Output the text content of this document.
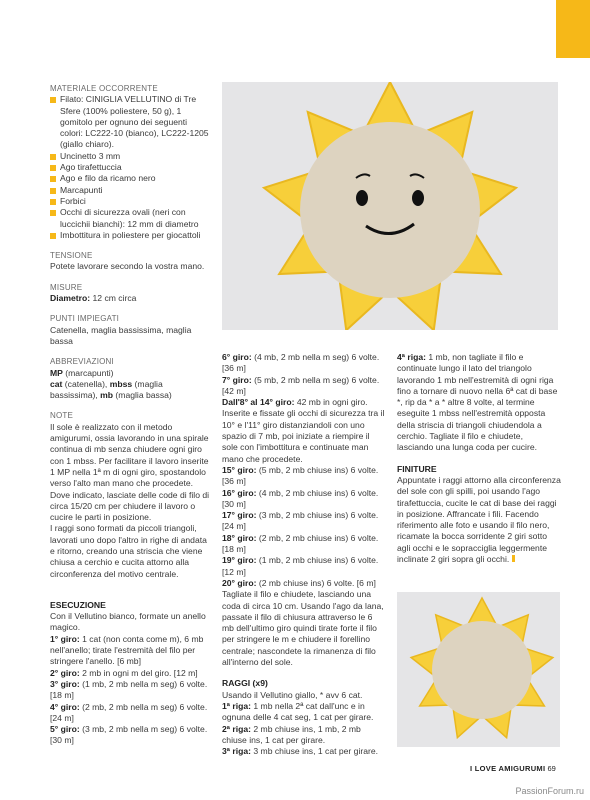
MATERIALE OCCORRENTE

Filato: CINIGLIA VELLUTINO di Tre Sfere (100% poliestere, 50 g), 1 gomitolo per ognuno dei seguenti colori: LC222-10 (bianco), LC222-1205 (giallo chiaro).

Uncinetto 3 mm

Ago tirafettuccia

Ago e filo da ricamo nero

Marcapunti

Forbici

Occhi di sicurezza ovali (neri con luccichii bianchi): 12 mm di diametro

Imbottitura in poliestere per giocattoli

TENSIONE

Potete lavorare secondo la vostra mano.

MISURE

Diametro: 12 cm circa

PUNTI IMPIEGATI

Catenella, maglia bassissima, maglia bassa

ABBREVIAZIONI

MP (marcapunti)

cat (catenella), mbss (maglia bassissima), mb (maglia bassa)

NOTE

Il sole è realizzato con il metodo amigurumi, ossia lavorando in una spirale continua di mb senza chiudere ogni giro con 1 mbss. Per facilitare il lavoro inserite 1 MP nella 1ª m di ogni giro, spostandolo verso l'alto man mano che procedete. Dove indicato, lasciate delle code di filo di circa 15/20 cm per chiudere il lavoro o cucire le parti in posizione.

I raggi sono formati da piccoli triangoli, lavorati uno dopo l'altro in righe di andata e ritorno, creando una striscia che viene chiusa a cerchio e cucita attorno alla circonferenza del motivo centrale.

ESECUZIONE

Con il Vellutino bianco, formate un anello magico.

1° giro: 1 cat (non conta come m), 6 mb nell'anello; tirate l'estremità del filo per stringere l'anello. [6 mb]

2° giro: 2 mb in ogni m del giro. [12 m]

3° giro: (1 mb, 2 mb nella m seg) 6 volte. [18 m]

4° giro: (2 mb, 2 mb nella m seg) 6 volte. [24 m]

5° giro: (3 mb, 2 mb nella m seg) 6 volte. [30 m]

6° giro: (4 mb, 2 mb nella m seg) 6 volte. [36 m]

7° giro: (5 mb, 2 mb nella m seg) 6 volte. [42 m]

Dall'8° al 14° giro: 42 mb in ogni giro.

Inserite e fissate gli occhi di sicurezza tra il 10° e l'11° giro distanziandoli con uno spazio di 7 mb, poi iniziate a riempire il sole con l'imbottitura e continuate man mano che procedete.

15° giro: (5 mb, 2 mb chiuse ins) 6 volte. [36 m]

16° giro: (4 mb, 2 mb chiuse ins) 6 volte. [30 m]

17° giro: (3 mb, 2 mb chiuse ins) 6 volte. [24 m]

18° giro: (2 mb, 2 mb chiuse ins) 6 volte. [18 m]

19° giro: (1 mb, 2 mb chiuse ins) 6 volte. [12 m]

20° giro: (2 mb chiuse ins) 6 volte. [6 m]

Tagliate il filo e chiudete, lasciando una coda di circa 10 cm. Usando l'ago da lana, passate il filo di chiusura attraverso le 6 mb dell'ultimo giro quindi tirate forte il filo per stringere le m e chiudere il forellino centrale; nascondete la rimanenza di filo all'interno del sole.

RAGGI (x9)

Usando il Vellutino giallo, * avv 6 cat.

1ª riga: 1 mb nella 2ª cat dall'unc e in ognuna delle 4 cat seg, 1 cat per girare.

2ª riga: 2 mb chiuse ins, 1 mb, 2 mb chiuse ins, 1 cat per girare.

3ª riga: 3 mb chiuse ins, 1 cat per girare.

4ª riga: 1 mb, non tagliate il filo e continuate lungo il lato del triangolo lavorando 1 mb nell'estremità di ogni riga fino a tornare di nuovo nella 6ª cat di base *, rip da * a * altre 8 volte, al termine eseguite 1 mbss nell'estremità opposta della striscia di triangoli chiudendola a cerchio. Tagliate il filo e chiudete, lasciando una lunga coda per cucire.

FINITURE

Appuntate i raggi attorno alla circonferenza del sole con gli spilli, poi usando l'ago tirafettuccia, cucite le cat di base dei raggi in posizione. Affrancate i fili. Facendo riferimento alle foto e usando il filo nero, ricamate la bocca sorridente 2 giri sotto agli occhi e le sopracciglia leggermente inclinate 2 giri sopra gli occhi.

I LOVE AMIGURUMI 69
PassionForum.ru
